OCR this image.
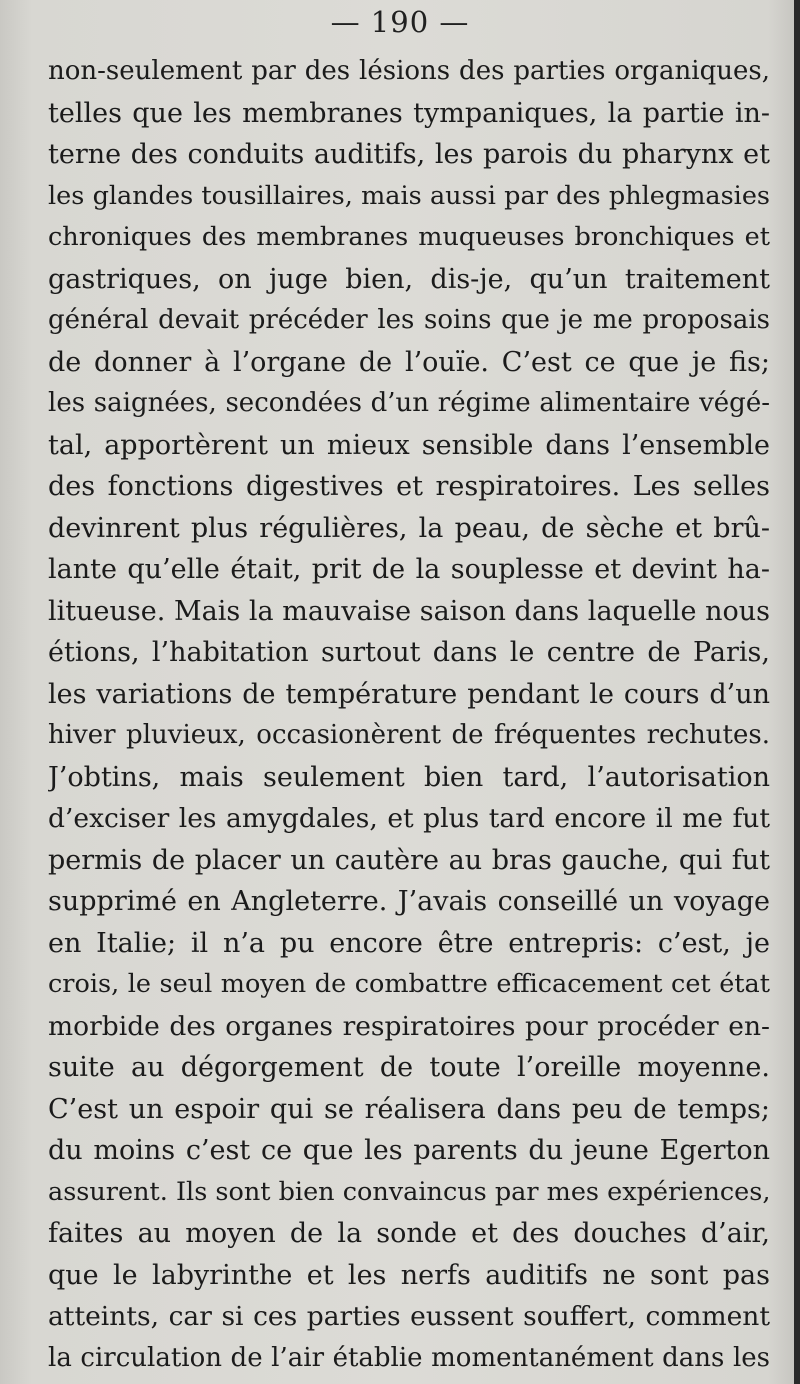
— 190 —
non-seulement par des lésions des parties organiques,
telles que les membranes tympaniques, la partie in-
terne des conduits auditifs, les parois du pharynx et
les glandes tousillaires, mais aussi par des phlegmasies
chroniques des membranes muqueuses bronchiques et
gastriques, on juge bien, dis-je, qu’un traitement
général devait précéder les soins que je me proposais
de donner à l’organe de l’ouïe. C’est ce que je fis;
les saignées, secondées d’un régime alimentaire végé-
tal, apportèrent un mieux sensible dans l’ensemble
des fonctions digestives et respiratoires. Les selles
devinrent plus régulières, la peau, de sèche et brû-
lante qu’elle était, prit de la souplesse et devint ha-
litueuse. Mais la mauvaise saison dans laquelle nous
étions, l’habitation surtout dans le centre de Paris,
les variations de température pendant le cours d’un
hiver pluvieux, occasionèrent de fréquentes rechutes.
J’obtins, mais seulement bien tard, l’autorisation
d’exciser les amygdales, et plus tard encore il me fut
permis de placer un cautère au bras gauche, qui fut
supprimé en Angleterre. J’avais conseillé un voyage
en Italie; il n’a pu encore être entrepris: c’est, je
crois, le seul moyen de combattre efficacement cet état
morbide des organes respiratoires pour procéder en-
suite au dégorgement de toute l’oreille moyenne.
C’est un espoir qui se réalisera dans peu de temps;
du moins c’est ce que les parents du jeune Egerton
assurent. Ils sont bien convaincus par mes expériences,
faites au moyen de la sonde et des douches d’air,
que le labyrinthe et les nerfs auditifs ne sont pas
atteints, car si ces parties eussent souffert, comment
la circulation de l’air établie momentanément dans les
